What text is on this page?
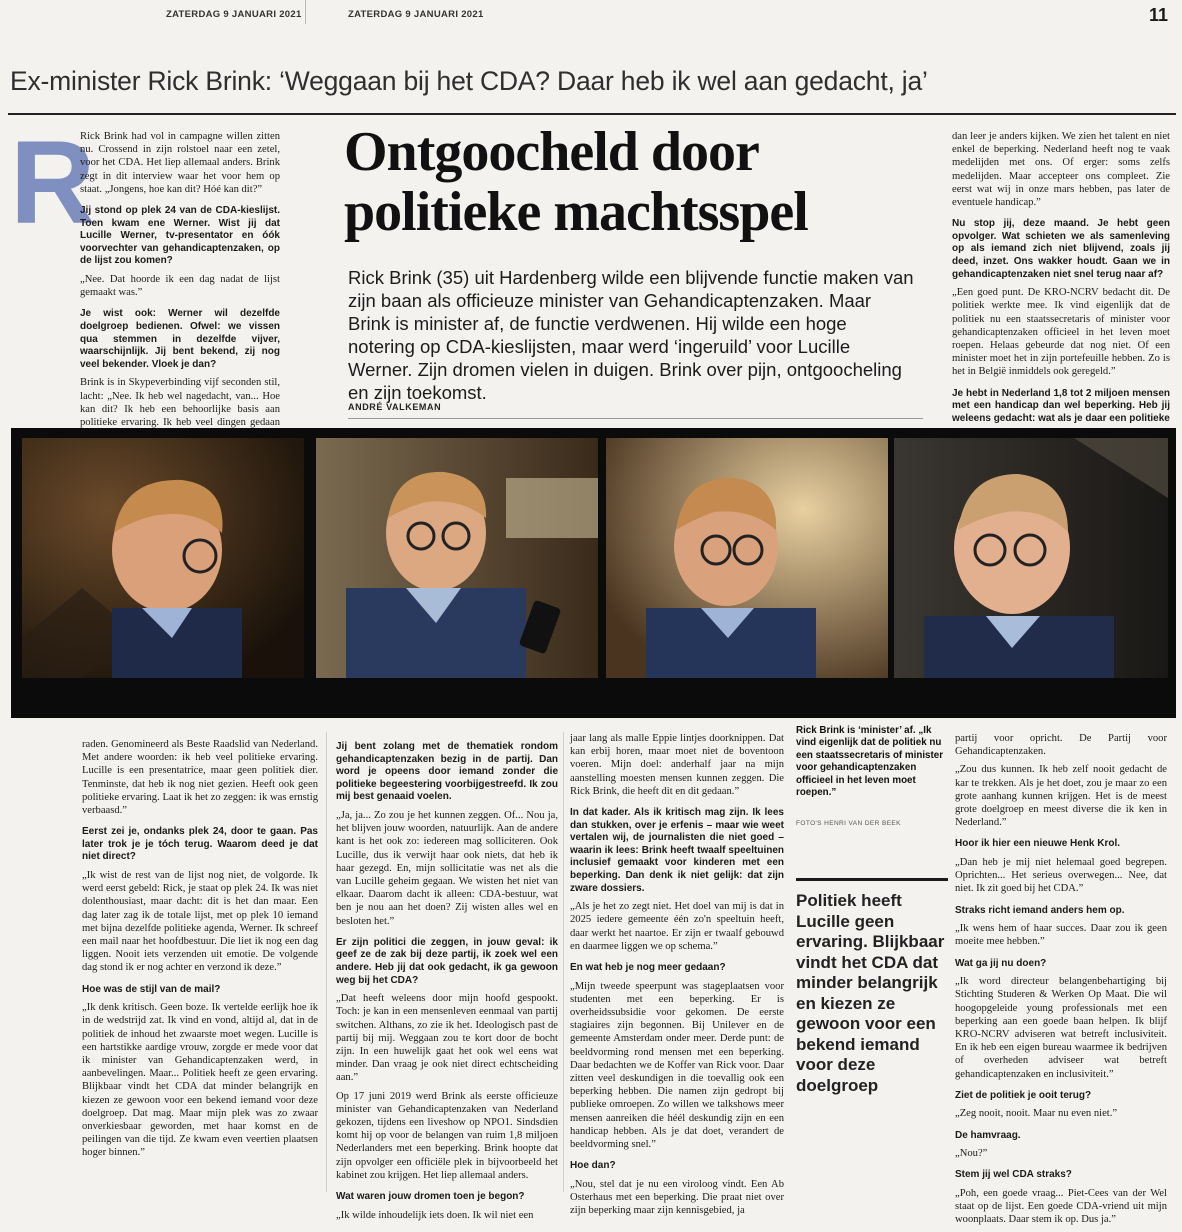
ZATERDAG 9 JANUARI 2021	ZATERDAG 9 JANUARI 2021	11
Ex-minister Rick Brink: ‘Weggaan bij het CDA? Daar heb ik wel aan gedacht, ja’
R

Rick Brink had vol in campagne willen zitten nu. Crossend in zijn rolstoel naar een zetel, voor het CDA. Het liep allemaal anders. Brink zegt in dit interview waar het voor hem op staat. „Jongens, hoe kan dit? Hóé kan dit?”

Jij stond op plek 24 van de CDA-kieslijst. Toen kwam ene Werner. Wist jij dat Lucille Werner, tv-presentator en óók voorvechter van gehandicaptenzaken, op de lijst zou komen?

„Nee. Dat hoorde ik een dag nadat de lijst gemaakt was.”

Je wist ook: Werner wil dezelfde doelgroep bedienen. Ofwel: we vissen qua stemmen in dezelfde vijver, waarschijnlijk. Jij bent bekend, zij nog veel bekender. Vloek je dan?

Brink is in Skypeverbinding vijf seconden stil, lacht: „Nee. Ik heb wel nagedacht, van... Hoe kan dit? Ik heb een behoorlijke basis aan politieke ervaring. Ik heb veel dingen gedaan

Ontgoocheld door politieke machtsspel
Rick Brink (35) uit Hardenberg wilde een blijvende functie maken van zijn baan als officieuze minister van Gehandicaptenzaken. Maar Brink is minister af, de functie verdwenen. Hij wilde een hoge notering op CDA-kieslijsten, maar werd ‘ingeruild’ voor Lucille Werner. Zijn dromen vielen in duigen. Brink over pijn, ontgoocheling en zijn toekomst.
ANDRÉ VALKEMAN

dan leer je anders kijken. We zien het talent en niet enkel de beperking. Nederland heeft nog te vaak medelijden met ons. Of erger: soms zelfs medelijden. Maar accepteer ons compleet. Zie eerst wat wij in onze mars hebben, pas later de eventuele handicap.”

Nu stop jij, deze maand. Je hebt geen opvolger. Wat schieten we als samenleving op als iemand zich niet blijvend, zoals jij deed, inzet. Ons wakker houdt. Gaan we in gehandicaptenzaken niet snel terug naar af?

„Een goed punt. De KRO-NCRV bedacht dit. De politiek werkte mee. Ik vind eigenlijk dat de politiek nu een staatssecretaris of minister voor gehandicaptenzaken officieel in het leven moet roepen. Helaas gebeurde dat nog niet. Of een minister moet het in zijn portefeuille hebben. Zo is het in België inmiddels ook geregeld.”

Je hebt in Nederland 1,8 tot 2 miljoen mensen met een handicap dan wel beperking. Heb jij weleens gedacht: wat als je daar een politieke

raden. Genomineerd als Beste Raadslid van Nederland. Met andere woorden: ik heb veel politieke ervaring. Lucille is een presentatrice, maar geen politiek dier. Tenminste, dat heb ik nog niet gezien. Heeft ook geen politieke ervaring. Laat ik het zo zeggen: ik was ernstig verbaasd.”

Eerst zei je, ondanks plek 24, door te gaan. Pas later trok je je tóch terug. Waarom deed je dat niet direct?

„Ik wist de rest van de lijst nog niet, de volgorde. Ik werd eerst gebeld: Rick, je staat op plek 24. Ik was niet dolenthousiast, maar dacht: dit is het dan maar. Een dag later zag ik de totale lijst, met op plek 10 iemand met bijna dezelfde politieke agenda, Werner. Ik schreef een mail naar het hoofdbestuur. Die liet ik nog een dag liggen. Nooit iets verzenden uit emotie. De volgende dag stond ik er nog achter en verzond ik deze.”

Hoe was de stijl van de mail?

„Ik denk kritisch. Geen boze. Ik vertelde eerlijk hoe ik in de wedstrijd zat. Ik vind en vond, altijd al, dat in de politiek de inhoud het zwaarste moet wegen. Lucille is een hartstikke aardige vrouw, zorgde er mede voor dat ik minister van Gehandicaptenzaken werd, in aanbevelingen. Maar... Politiek heeft ze geen ervaring. Blijkbaar vindt het CDA dat minder belangrijk en kiezen ze gewoon voor een bekend iemand voor deze doelgroep. Dat mag. Maar mijn plek was zo zwaar onverkiesbaar geworden, met haar komst en de peilingen van die tijd. Ze kwam even veertien plaatsen hoger binnen.”

Jij bent zolang met de thematiek rondom gehandicaptenzaken bezig in de partij. Dan word je opeens door iemand zonder die politieke begeestering voorbijgestreefd. Ik zou mij best genaaid voelen.

„Ja, ja... Zo zou je het kunnen zeggen. Of... Nou ja, het blijven jouw woorden, natuurlijk. Aan de andere kant is het ook zo: iedereen mag solliciteren. Ook Lucille, dus ik verwijt haar ook niets, dat heb ik haar gezegd. En, mijn sollicitatie was net als die van Lucille geheim gegaan. We wisten het niet van elkaar. Daarom dacht ik alleen: CDA-bestuur, wat ben je nou aan het doen? Zij wisten alles wel en besloten het.”

Er zijn politici die zeggen, in jouw geval: ik geef ze de zak bij deze partij, ik zoek wel een andere. Heb jij dat ook gedacht, ik ga gewoon weg bij het CDA?

„Dat heeft weleens door mijn hoofd gespookt. Toch: je kan in een mensenleven eenmaal van partij switchen. Althans, zo zie ik het. Ideologisch past de partij bij mij. Weggaan zou te kort door de bocht zijn. In een huwelijk gaat het ook wel eens wat minder. Dan vraag je ook niet direct echtscheiding aan.”

Op 17 juni 2019 werd Brink als eerste officieuze minister van Gehandicaptenzaken van Nederland gekozen, tijdens een liveshow op NPO1. Sindsdien komt hij op voor de belangen van ruim 1,8 miljoen Nederlanders met een beperking. Brink hoopte dat zijn opvolger een officiële plek in bijvoorbeeld het kabinet zou krijgen. Het liep allemaal anders.

Wat waren jouw dromen toen je begon?

„Ik wilde inhoudelijk iets doen. Ik wil niet een

jaar lang als malle Eppie lintjes doorknippen. Dat kan erbij horen, maar moet niet de boventoon voeren. Mijn doel: anderhalf jaar na mijn aanstelling moesten mensen kunnen zeggen. Die Rick Brink, die heeft dit en dit gedaan.”

In dat kader. Als ik kritisch mag zijn. Ik lees dan stukken, over je erfenis – maar wie weet vertalen wij, de journalisten die niet goed – waarin ik lees: Brink heeft twaalf speeltuinen inclusief gemaakt voor kinderen met een beperking. Dan denk ik niet gelijk: dat zijn zware dossiers.

„Als je het zo zegt niet. Het doel van mij is dat in 2025 iedere gemeente één zo'n speeltuin heeft, daar werkt het naartoe. Er zijn er twaalf gebouwd en daarmee liggen we op schema.”

En wat heb je nog meer gedaan?

„Mijn tweede speerpunt was stageplaatsen voor studenten met een beperking. Er is overheidssubsidie voor gekomen. De eerste stagiaires zijn begonnen. Bij Unilever en de gemeente Amsterdam onder meer. Derde punt: de beeldvorming rond mensen met een beperking. Daar bedachten we de Koffer van Rick voor. Daar zitten veel deskundigen in die toevallig ook een beperking hebben. Die namen zijn gedropt bij publieke omroepen. Zo willen we talkshows meer mensen aanreiken die héél deskundig zijn en een handicap hebben. Als je dat doet, verandert de beeldvorming snel.”

Hoe dan?

„Nou, stel dat je nu een viroloog vindt. Een Ab Osterhaus met een beperking. Die praat niet over zijn beperking maar zijn kennisgebied, ja

Rick Brink is ‘minister’ af. „Ik vind eigenlijk dat de politiek nu een staatssecretaris of minister voor gehandicaptenzaken officieel in het leven moet roepen.”
FOTO'S HENRI VAN DER BEEK
Politiek heeft Lucille geen ervaring. Blijkbaar vindt het CDA dat minder belangrijk en kiezen ze gewoon voor een bekend iemand voor deze doelgroep

partij voor opricht. De Partij voor Gehandicaptenzaken.

„Zou dus kunnen. Ik heb zelf nooit gedacht de kar te trekken. Als je het doet, zou je maar zo een grote aanhang kunnen krijgen. Het is de meest grote doelgroep en meest diverse die ik ken in Nederland.”

Hoor ik hier een nieuwe Henk Krol.

„Dan heb je mij niet helemaal goed begrepen. Oprichten... Het serieus overwegen... Nee, dat niet. Ik zit goed bij het CDA.”

Straks richt iemand anders hem op.

„Ik wens hem of haar succes. Daar zou ik geen moeite mee hebben.”

Wat ga jij nu doen?

„Ik word directeur belangenbehartiging bij Stichting Studeren & Werken Op Maat. Die wil hoogopgeleide young professionals met een beperking aan een goede baan helpen. Ik blijf KRO-NCRV adviseren wat betreft inclusiviteit. En ik heb een eigen bureau waarmee ik bedrijven of overheden adviseer wat betreft gehandicaptenzaken en inclusiviteit.”

Ziet de politiek je ooit terug?

„Zeg nooit, nooit. Maar nu even niet.”

De hamvraag.

„Nou?”

Stem jij wel CDA straks?

„Poh, een goede vraag... Piet-Cees van der Wel staat op de lijst. Een goede CDA-vriend uit mijn woonplaats. Daar stem ik op. Dus ja.”
